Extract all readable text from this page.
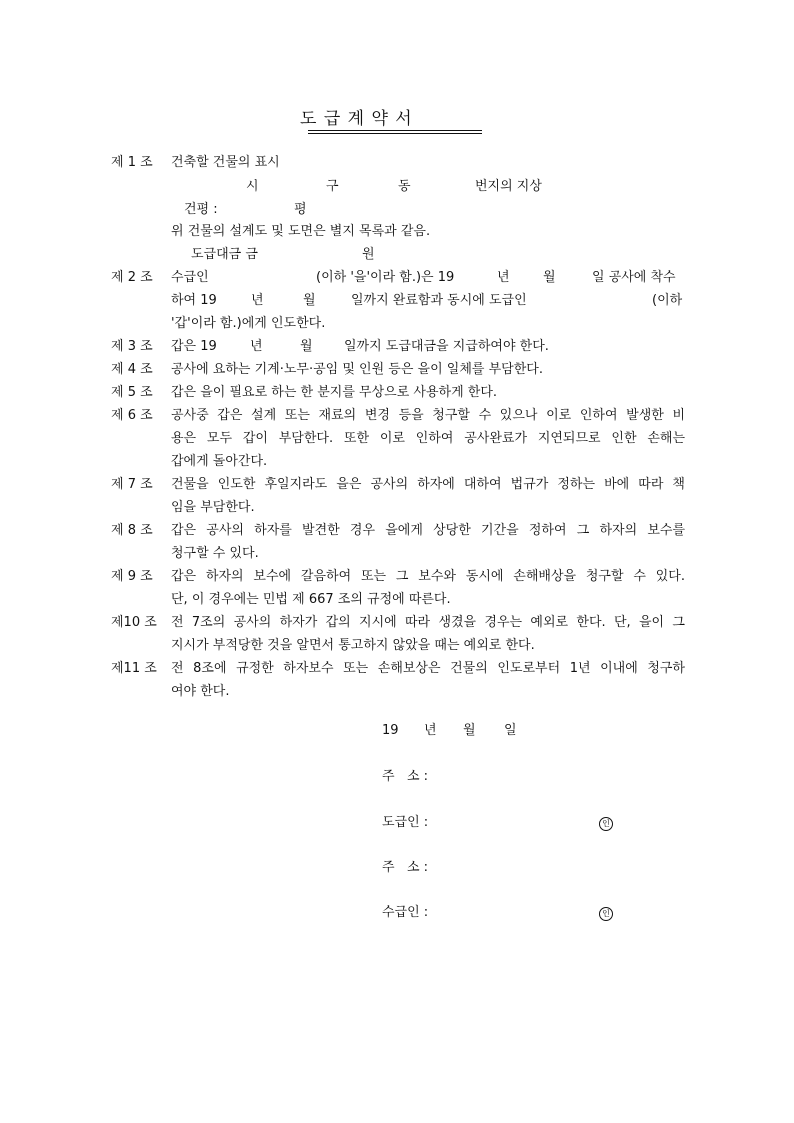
도 급 계 약 서
제 1 조 건축할 건물의 표시
시	구	동	번지의 지상
건평 :	평
위 건물의 설계도 및 도면은 별지 목록과 같음.
도급대금 금	원
제 2 조 수급인	(이하 '을'이라 함.)은 19	년	월	일 공사에 착수
하여 19	년	월	일까지 완료함과 동시에 도급인	(이하
'갑'이라 함.)에게 인도한다.
제 3 조 갑은 19	년	월 일까지 도급대금을 지급하여야 한다.
제 4 조 공사에 요하는 기계·노무·공임 및 인원 등은 을이 일체를 부담한다.
제 5 조 갑은 을이 필요로 하는 한 분지를 무상으로 사용하게 한다.
제 6 조 공사중 갑은 설계 또는 재료의 변경 등을 청구할 수 있으나 이로 인하여 발생한 비
용은 모두 갑이 부담한다. 또한 이로 인하여 공사완료가 지연되므로 인한 손해는
갑에게 돌아간다.
제 7 조 건물을 인도한 후일지라도 을은 공사의 하자에 대하여 법규가 정하는 바에 따라 책
임을 부담한다.
제 8 조 갑은 공사의 하자를 발견한 경우 을에게 상당한 기간을 정하여 그 하자의 보수를
청구할 수 있다.
제 9 조 갑은 하자의 보수에 갈음하여 또는 그 보수와 동시에 손해배상을 청구할 수 있다.
단, 이 경우에는 민법 제 667 조의 규정에 따른다.
제10 조 전 7조의 공사의 하자가 갑의 지시에 따라 생겼을 경우는 예외로 한다. 단, 을이 그
지시가 부적당한 것을 알면서 통고하지 않았을 때는 예외로 한다.
제11 조 전 8조에 규정한 하자보수 또는 손해보상은 건물의 인도로부터 1년 이내에 청구하
여야 한다.
19 년 월 일
주   소 :
도급인 :	인
주   소 :
수급인 :	인
